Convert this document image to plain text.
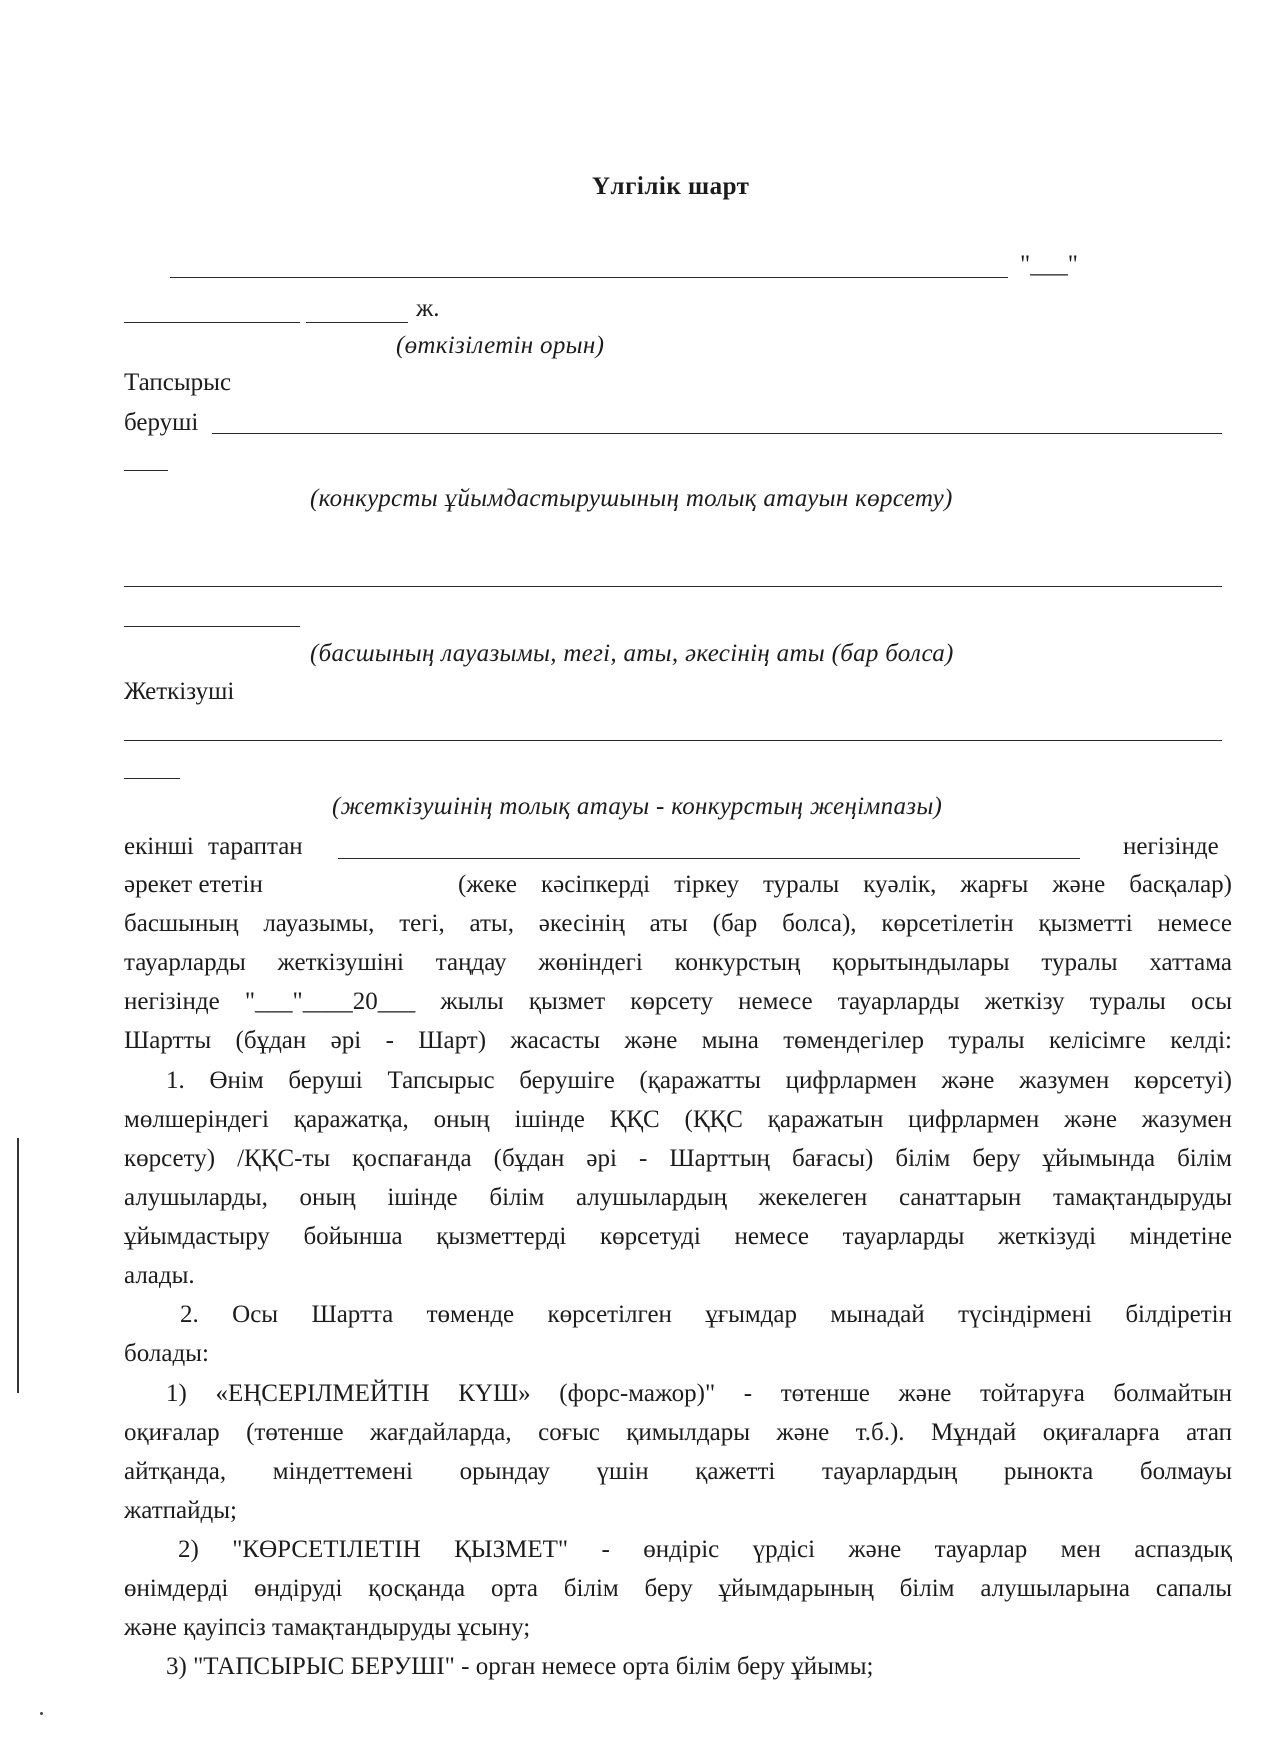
Үлгілік шарт
"___"
ж.
(өткізілетін орын)
Тапсырыс
беруші
(конкурсты ұйымдастырушының толық атауын көрсету)
(басшының лауазымы, тегі, аты, әкесінің аты (бар болса)
Жеткізуші
(жеткізушінің толық атауы - конкурстың жеңімпазы)
екінші тараптан	негізінде
әрекет ететін	(жеке кәсіпкерді тіркеу туралы куәлік, жарғы және басқалар)
басшының лауазымы, тегі, аты, әкесінің аты (бар болса), көрсетілетін қызметті немесе
тауарларды жеткізушіні таңдау жөніндегі конкурстың қорытындылары туралы хаттама
негізінде "___"____20___ жылы қызмет көрсету немесе тауарларды жеткізу туралы осы
Шартты (бұдан әрі - Шарт) жасасты және мына төмендегілер туралы келісімге келді:
1. Өнім беруші Тапсырыс берушіге (қаражатты цифрлармен және жазумен көрсетуі)
мөлшеріндегі қаражатқа, оның ішінде ҚҚС (ҚҚС қаражатын цифрлармен және жазумен
көрсету) /ҚҚС-ты қоспағанда (бұдан әрі - Шарттың бағасы) білім беру ұйымында білім
алушыларды, оның ішінде білім алушылардың жекелеген санаттарын тамақтандыруды
ұйымдастыру бойынша қызметтерді көрсетуді немесе тауарларды жеткізуді міндетіне
алады.
2. Осы Шартта төменде көрсетілген ұғымдар мынадай түсіндірмені білдіретін
болады:
1) «ЕҢСЕРІЛМЕЙТІН КҮШ» (форс-мажор)" - төтенше және тойтаруға болмайтын
оқиғалар (төтенше жағдайларда, соғыс қимылдары және т.б.). Мұндай оқиғаларға атап
айтқанда, міндеттемені орындау үшін қажетті тауарлардың рынокта болмауы
жатпайды;
2) "КӨРСЕТІЛЕТІН ҚЫЗМЕТ" - өндіріс үрдісі және тауарлар мен аспаздық
өнімдерді өндіруді қосқанда орта білім беру ұйымдарының білім алушыларына сапалы
және қауіпсіз тамақтандыруды ұсыну;
3) "ТАПСЫРЫС БЕРУШІ" - орган немесе орта білім беру ұйымы;
